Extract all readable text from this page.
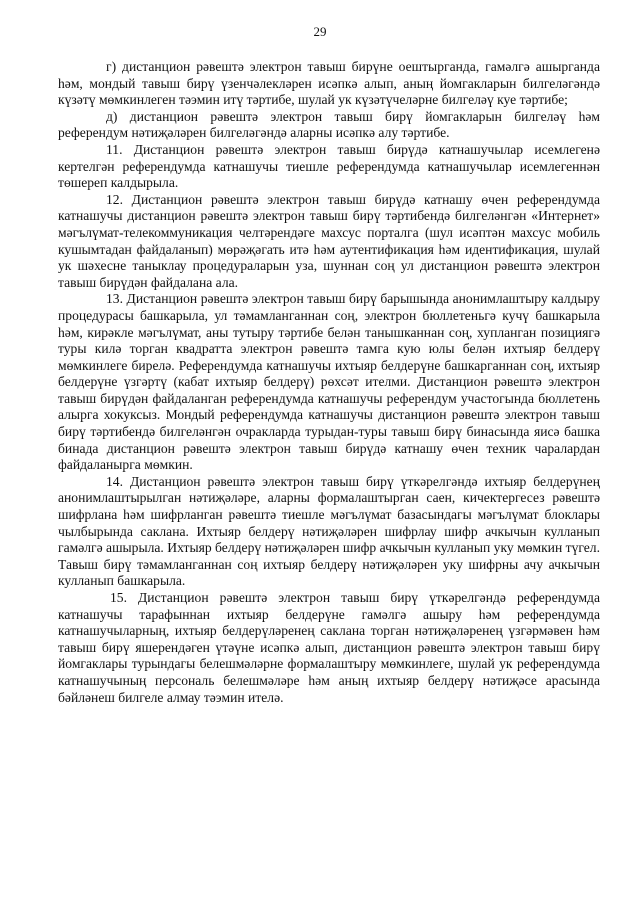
29

г) дистанцион рәвештә электрон тавыш бирүне оештырганда, гамәлгә ашырганда һәм, мондый тавыш бирү үзенчәлекләрен исәпкә алып, аның йомгакларын билгеләгәндә күзәтү мөмкинлеген тәэмин итү тәртибе, шулай ук күзәтүчеләрне билгеләү куе тәртибе;

д) дистанцион рәвештә электрон тавыш бирү йомгакларын билгеләү һәм референдум нәтиҗәләрен билгеләгәндә аларны исәпкә алу тәртибе.

11. Дистанцион рәвештә электрон тавыш бирүдә катнашучылар исемлегенә кертелгән референдумда катнашучы тиешле референдумда катнашучылар исемлегеннән төшереп калдырыла.

12. Дистанцион рәвештә электрон тавыш бирүдә катнашу өчен референдумда катнашучы дистанцион рәвештә электрон тавыш бирү тәртибендә билгеләнгән «Интернет» мәгълүмат-телекоммуникация челтәрендәге махсус порталга (шул исәптән махсус мобиль кушымтадан файдаланып) мөрәҗәгать итә һәм аутентификация һәм идентификация, шулай ук шәхесне таныклау процедураларын уза, шуннан соң ул дистанцион рәвештә электрон тавыш бирүдән файдалана ала.

13. Дистанцион рәвештә электрон тавыш бирү барышында анонимлаштыру калдыру процедурасы башкарыла, ул тәмамланганнан соң, электрон бюллетеньгә кучү башкарыла һәм, кирәкле мәгълүмат, аны тутыру тәртибе белән танышканнан соң, хупланган позициягә туры килә торган квадратта электрон рәвештә тамга кую юлы белән ихтыяр белдерү мөмкинлеге бирелә. Референдумда катнашучы ихтыяр белдерүне башкарганнан соң, ихтыяр белдерүне үзгәртү (кабат ихтыяр белдерү) рөхсәт ителми. Дистанцион рәвештә электрон тавыш бирүдән файдаланган референдумда катнашучы референдум участогында бюллетень алырга хокуксыз. Мондый референдумда катнашучы дистанцион рәвештә электрон тавыш бирү тәртибендә билгеләнгән очракларда турыдан-туры тавыш бирү бинасында яисә башка бинада дистанцион рәвештә электрон тавыш бирүдә катнашу өчен техник чаралардан файдаланырга мөмкин.

14. Дистанцион рәвештә электрон тавыш бирү үткәрелгәндә ихтыяр белдерүнең анонимлаштырылган нәтиҗәләре, аларны формалаштырган саен, кичектергесез рәвештә шифрлана һәм шифрланган рәвештә тиешле мәгълүмат базасындагы мәгълүмат блоклары чылбырында саклана. Ихтыяр белдерү нәтиҗәләрен шифрлау шифр ачкычын кулланып гамәлгә ашырыла. Ихтыяр белдерү нәтиҗәләрен шифр ачкычын кулланып уку мөмкин түгел. Тавыш бирү тәмамланганнан соң ихтыяр белдерү нәтиҗәләрен уку шифрны ачу ачкычын кулланып башкарыла.

15. Дистанцион рәвештә электрон тавыш бирү үткәрелгәндә референдумда катнашучы тарафыннан ихтыяр белдерүне гамәлгә ашыру һәм референдумда катнашучыларның, ихтыяр белдерүләренең саклана торган нәтиҗәләренең үзгәрмәвен һәм тавыш бирү яшерендәген үтәүне исәпкә алып, дистанцион рәвештә электрон тавыш бирү йомгаклары турындагы белешмәләрне формалаштыру мөмкинлеге, шулай ук референдумда катнашучының персональ белешмәләре һәм аның ихтыяр белдерү нәтиҗәсе арасында бәйләнеш билгеле алмау тәэмин ителә.
